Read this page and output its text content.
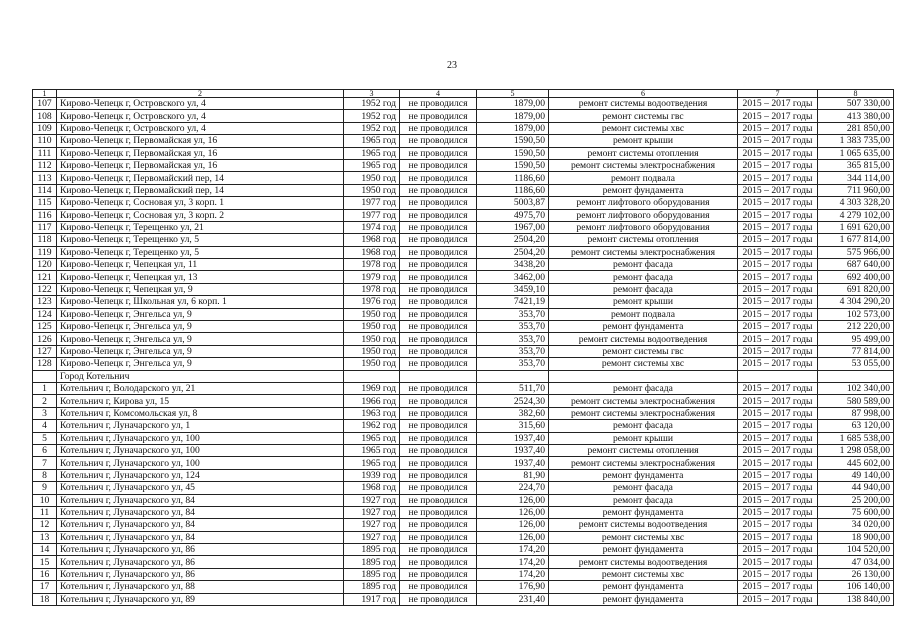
23
1	2	3	4	5	6	7	8
107	Кирово-Чепецк г, Островского ул, 4	1952 год	не проводился	1879,00	ремонт системы водоотведения	2015 – 2017 годы	507 330,00
108	Кирово-Чепецк г, Островского ул, 4	1952 год	не проводился	1879,00	ремонт системы гвс	2015 – 2017 годы	413 380,00
109	Кирово-Чепецк г, Островского ул, 4	1952 год	не проводился	1879,00	ремонт системы хвс	2015 – 2017 годы	281 850,00
110	Кирово-Чепецк г, Первомайская ул, 16	1965 год	не проводился	1590,50	ремонт крыши	2015 – 2017 годы	1 383 735,00
111	Кирово-Чепецк г, Первомайская ул, 16	1965 год	не проводился	1590,50	ремонт системы отопления	2015 – 2017 годы	1 065 635,00
112	Кирово-Чепецк г, Первомайская ул, 16	1965 год	не проводился	1590,50	ремонт системы электроснабжения	2015 – 2017 годы	365 815,00
113	Кирово-Чепецк г, Первомайский пер, 14	1950 год	не проводился	1186,60	ремонт подвала	2015 – 2017 годы	344 114,00
114	Кирово-Чепецк г, Первомайский пер, 14	1950 год	не проводился	1186,60	ремонт фундамента	2015 – 2017 годы	711 960,00
115	Кирово-Чепецк г, Сосновая ул, 3 корп. 1	1977 год	не проводился	5003,87	ремонт лифтового оборудования	2015 – 2017 годы	4 303 328,20
116	Кирово-Чепецк г, Сосновая ул, 3 корп. 2	1977 год	не проводился	4975,70	ремонт лифтового оборудования	2015 – 2017 годы	4 279 102,00
117	Кирово-Чепецк г, Терещенко ул, 21	1974 год	не проводился	1967,00	ремонт лифтового оборудования	2015 – 2017 годы	1 691 620,00
118	Кирово-Чепецк г, Терещенко ул, 5	1968 год	не проводился	2504,20	ремонт системы отопления	2015 – 2017 годы	1 677 814,00
119	Кирово-Чепецк г, Терещенко ул, 5	1968 год	не проводился	2504,20	ремонт системы электроснабжения	2015 – 2017 годы	575 966,00
120	Кирово-Чепецк г, Чепецкая ул, 11	1978 год	не проводился	3438,20	ремонт фасада	2015 – 2017 годы	687 640,00
121	Кирово-Чепецк г, Чепецкая ул, 13	1979 год	не проводился	3462,00	ремонт фасада	2015 – 2017 годы	692 400,00
122	Кирово-Чепецк г, Чепецкая ул, 9	1978 год	не проводился	3459,10	ремонт фасада	2015 – 2017 годы	691 820,00
123	Кирово-Чепецк г, Школьная ул, 6 корп. 1	1976 год	не проводился	7421,19	ремонт крыши	2015 – 2017 годы	4 304 290,20
124	Кирово-Чепецк г, Энгельса ул, 9	1950 год	не проводился	353,70	ремонт подвала	2015 – 2017 годы	102 573,00
125	Кирово-Чепецк г, Энгельса ул, 9	1950 год	не проводился	353,70	ремонт фундамента	2015 – 2017 годы	212 220,00
126	Кирово-Чепецк г, Энгельса ул, 9	1950 год	не проводился	353,70	ремонт системы водоотведения	2015 – 2017 годы	95 499,00
127	Кирово-Чепецк г, Энгельса ул, 9	1950 год	не проводился	353,70	ремонт системы гвс	2015 – 2017 годы	77 814,00
128	Кирово-Чепецк г, Энгельса ул, 9	1950 год	не проводился	353,70	ремонт системы хвс	2015 – 2017 годы	53 055,00
	Город Котельнич						
1	Котельнич г, Володарского ул, 21	1969 год	не проводился	511,70	ремонт фасада	2015 – 2017 годы	102 340,00
2	Котельнич г, Кирова ул, 15	1966 год	не проводился	2524,30	ремонт системы электроснабжения	2015 – 2017 годы	580 589,00
3	Котельнич г, Комсомольская ул, 8	1963 год	не проводился	382,60	ремонт системы электроснабжения	2015 – 2017 годы	87 998,00
4	Котельнич г, Луначарского ул, 1	1962 год	не проводился	315,60	ремонт фасада	2015 – 2017 годы	63 120,00
5	Котельнич г, Луначарского ул, 100	1965 год	не проводился	1937,40	ремонт крыши	2015 – 2017 годы	1 685 538,00
6	Котельнич г, Луначарского ул, 100	1965 год	не проводился	1937,40	ремонт системы отопления	2015 – 2017 годы	1 298 058,00
7	Котельнич г, Луначарского ул, 100	1965 год	не проводился	1937,40	ремонт системы электроснабжения	2015 – 2017 годы	445 602,00
8	Котельнич г, Луначарского ул, 124	1939 год	не проводился	81,90	ремонт фундамента	2015 – 2017 годы	49 140,00
9	Котельнич г, Луначарского ул, 45	1968 год	не проводился	224,70	ремонт фасада	2015 – 2017 годы	44 940,00
10	Котельнич г, Луначарского ул, 84	1927 год	не проводился	126,00	ремонт фасада	2015 – 2017 годы	25 200,00
11	Котельнич г, Луначарского ул, 84	1927 год	не проводился	126,00	ремонт фундамента	2015 – 2017 годы	75 600,00
12	Котельнич г, Луначарского ул, 84	1927 год	не проводился	126,00	ремонт системы водоотведения	2015 – 2017 годы	34 020,00
13	Котельнич г, Луначарского ул, 84	1927 год	не проводился	126,00	ремонт системы хвс	2015 – 2017 годы	18 900,00
14	Котельнич г, Луначарского ул, 86	1895 год	не проводился	174,20	ремонт фундамента	2015 – 2017 годы	104 520,00
15	Котельнич г, Луначарского ул, 86	1895 год	не проводился	174,20	ремонт системы водоотведения	2015 – 2017 годы	47 034,00
16	Котельнич г, Луначарского ул, 86	1895 год	не проводился	174,20	ремонт системы хвс	2015 – 2017 годы	26 130,00
17	Котельнич г, Луначарского ул, 88	1895 год	не проводился	176,90	ремонт фундамента	2015 – 2017 годы	106 140,00
18	Котельнич г, Луначарского ул, 89	1917 год	не проводился	231,40	ремонт фундамента	2015 – 2017 годы	138 840,00
